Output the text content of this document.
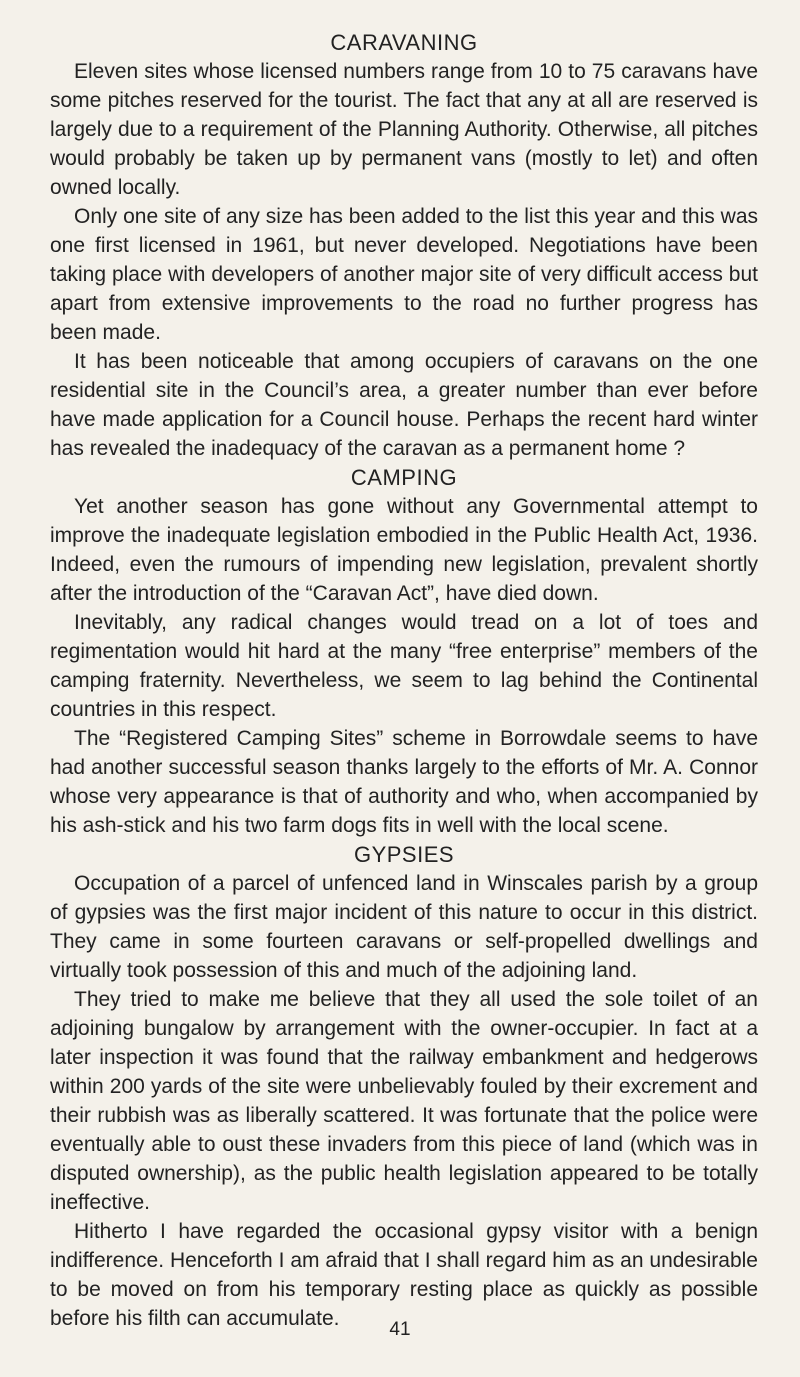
CARAVANING

Eleven sites whose licensed numbers range from 10 to 75 caravans have some pitches reserved for the tourist. The fact that any at all are reserved is largely due to a requirement of the Planning Authority. Otherwise, all pitches would probably be taken up by permanent vans (mostly to let) and often owned locally.

Only one site of any size has been added to the list this year and this was one first licensed in 1961, but never developed. Negotiations have been taking place with developers of another major site of very difficult access but apart from extensive improvements to the road no further progress has been made.

It has been noticeable that among occupiers of caravans on the one residential site in the Council’s area, a greater number than ever before have made application for a Council house. Perhaps the recent hard winter has revealed the inadequacy of the caravan as a permanent home ?

CAMPING

Yet another season has gone without any Governmental attempt to improve the inadequate legislation embodied in the Public Health Act, 1936. Indeed, even the rumours of impending new legislation, prevalent shortly after the introduction of the “Caravan Act”, have died down.

Inevitably, any radical changes would tread on a lot of toes and regimentation would hit hard at the many “free enterprise” members of the camping fraternity. Nevertheless, we seem to lag behind the Continental countries in this respect.

The “Registered Camping Sites” scheme in Borrowdale seems to have had another successful season thanks largely to the efforts of Mr. A. Connor whose very appearance is that of authority and who, when accompanied by his ash-stick and his two farm dogs fits in well with the local scene.

GYPSIES

Occupation of a parcel of unfenced land in Winscales parish by a group of gypsies was the first major incident of this nature to occur in this district. They came in some fourteen caravans or self-propelled dwellings and virtually took possession of this and much of the adjoining land.

They tried to make me believe that they all used the sole toilet of an adjoining bungalow by arrangement with the owner-occupier. In fact at a later inspection it was found that the railway embankment and hedgerows within 200 yards of the site were unbelievably fouled by their excrement and their rubbish was as liberally scattered. It was fortunate that the police were eventually able to oust these invaders from this piece of land (which was in disputed ownership), as the public health legislation appeared to be totally ineffective.

Hitherto I have regarded the occasional gypsy visitor with a benign indifference. Henceforth I am afraid that I shall regard him as an undesirable to be moved on from his temporary resting place as quickly as possible before his filth can accumulate.	41
